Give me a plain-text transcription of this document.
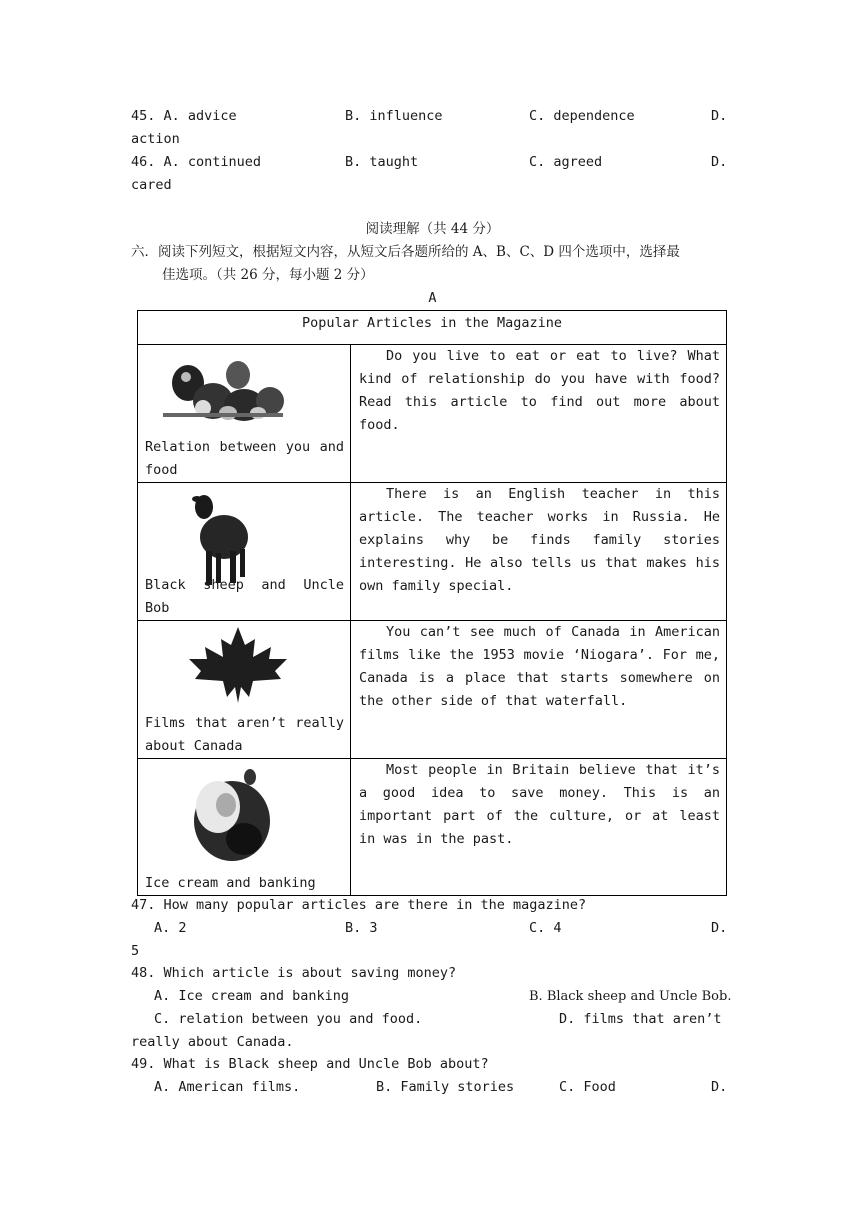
45. A. advice	B. influence	C. dependence	D.
action
46. A. continued	B. taught	C. agreed	D.
cared
阅读理解（共 44 分）
六．阅读下列短文，根据短文内容，从短文后各题所给的 A、B、C、D 四个选项中，选择最
佳选项。（共 26 分，每小题 2 分）
A
Popular Articles in the Magazine	

Relation between you and food	Do you live to eat or eat to live? What kind of relationship do you have with food? Read this article to find out more about food.

Black sheep and Uncle Bob	There is an English teacher in this article. The teacher works in Russia. He explains why be finds family stories interesting. He also tells us that makes his own family special.

Films that aren’t really about Canada	You can’t see much of Canada in American films like the 1953 movie ‘Niogara’. For me, Canada is a place that starts somewhere on the other side of that waterfall.

Ice cream and banking	Most people in Britain believe that it’s a good idea to save money. This is an important part of the culture, or at least in was in the past.

47. How many popular articles are there in the magazine?
A. 2	B. 3	C. 4	D.
5
48. Which article is about saving money?
A. Ice cream and banking	B. Black sheep and Uncle Bob.
C. relation between you and food.	D. films that aren’t
really about Canada.
49. What is Black sheep and Uncle Bob about?
A. American films.	B. Family stories	C. Food	D.
